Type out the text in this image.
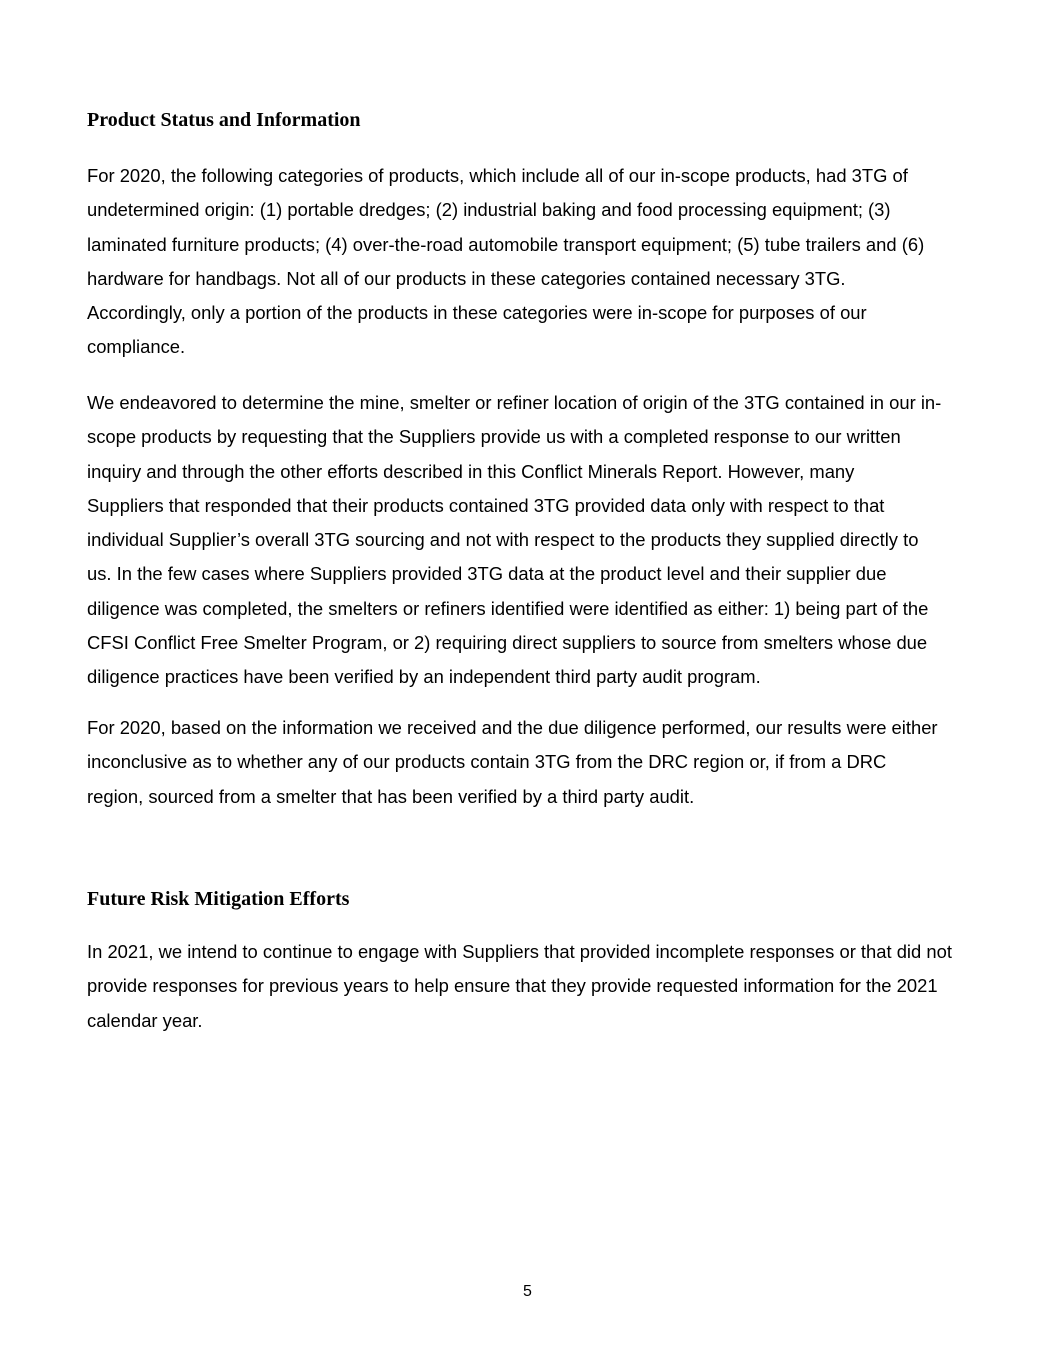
Product Status and Information

For 2020, the following categories of products, which include all of our in-scope products, had 3TG of
undetermined origin: (1) portable dredges; (2) industrial baking and food processing equipment; (3)
laminated furniture products; (4) over-the-road automobile transport equipment; (5) tube trailers and (6)
hardware for handbags. Not all of our products in these categories contained necessary 3TG.
Accordingly, only a portion of the products in these categories were in-scope for purposes of our
compliance.

We endeavored to determine the mine, smelter or refiner location of origin of the 3TG contained in our in-
scope products by requesting that the Suppliers provide us with a completed response to our written
inquiry and through the other efforts described in this Conflict Minerals Report. However, many
Suppliers that responded that their products contained 3TG provided data only with respect to that
individual Supplier’s overall 3TG sourcing and not with respect to the products they supplied directly to
us. In the few cases where Suppliers provided 3TG data at the product level and their supplier due
diligence was completed, the smelters or refiners identified were identified as either: 1) being part of the
CFSI Conflict Free Smelter Program, or 2) requiring direct suppliers to source from smelters whose due
diligence practices have been verified by an independent third party audit program.

For 2020, based on the information we received and the due diligence performed, our results were either
inconclusive as to whether any of our products contain 3TG from the DRC region or, if from a DRC
region, sourced from a smelter that has been verified by a third party audit.

Future Risk Mitigation Efforts

In 2021, we intend to continue to engage with Suppliers that provided incomplete responses or that did not
provide responses for previous years to help ensure that they provide requested information for the 2021
calendar year.

5
